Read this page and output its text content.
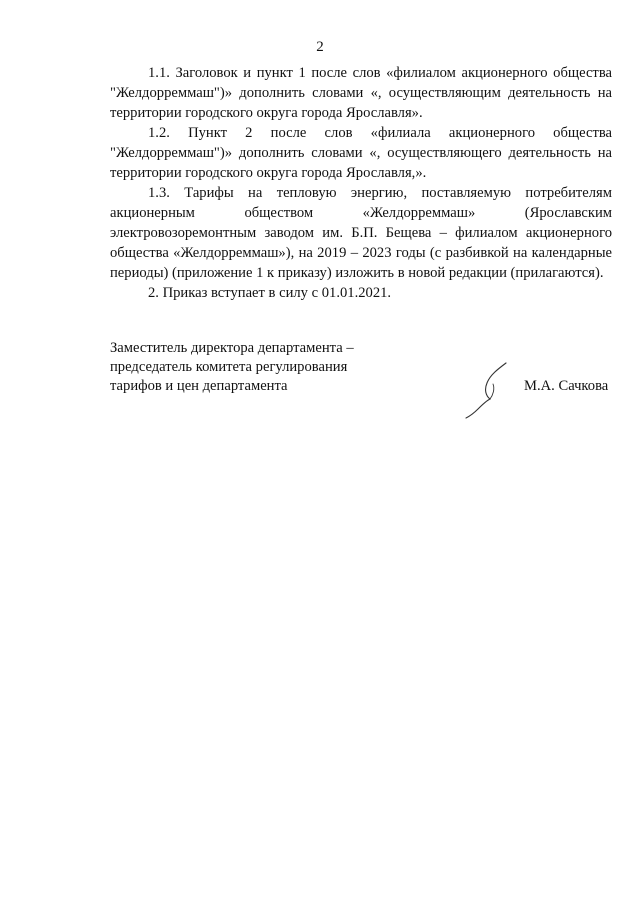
2

1.1. Заголовок и пункт 1 после слов «филиалом акционерного общества "Желдорреммаш")» дополнить словами «, осуществляющим деятельность на территории городского округа города Ярославля».

1.2. Пункт 2 после слов «филиала акционерного общества "Желдорреммаш")» дополнить словами «, осуществляющего деятельность на территории городского округа города Ярославля,».

1.3. Тарифы на тепловую энергию, поставляемую потребителям акционерным обществом «Желдорреммаш» (Ярославским электровозоремонтным заводом им. Б.П. Бещева – филиалом акционерного общества «Желдорреммаш»), на 2019 – 2023 годы (с разбивкой на календарные периоды) (приложение 1 к приказу) изложить в новой редакции (прилагаются).

2. Приказ вступает в силу с 01.01.2021.

Заместитель директора департамента –
председатель комитета регулирования
тарифов и цен департамента	М.А. Сачкова
